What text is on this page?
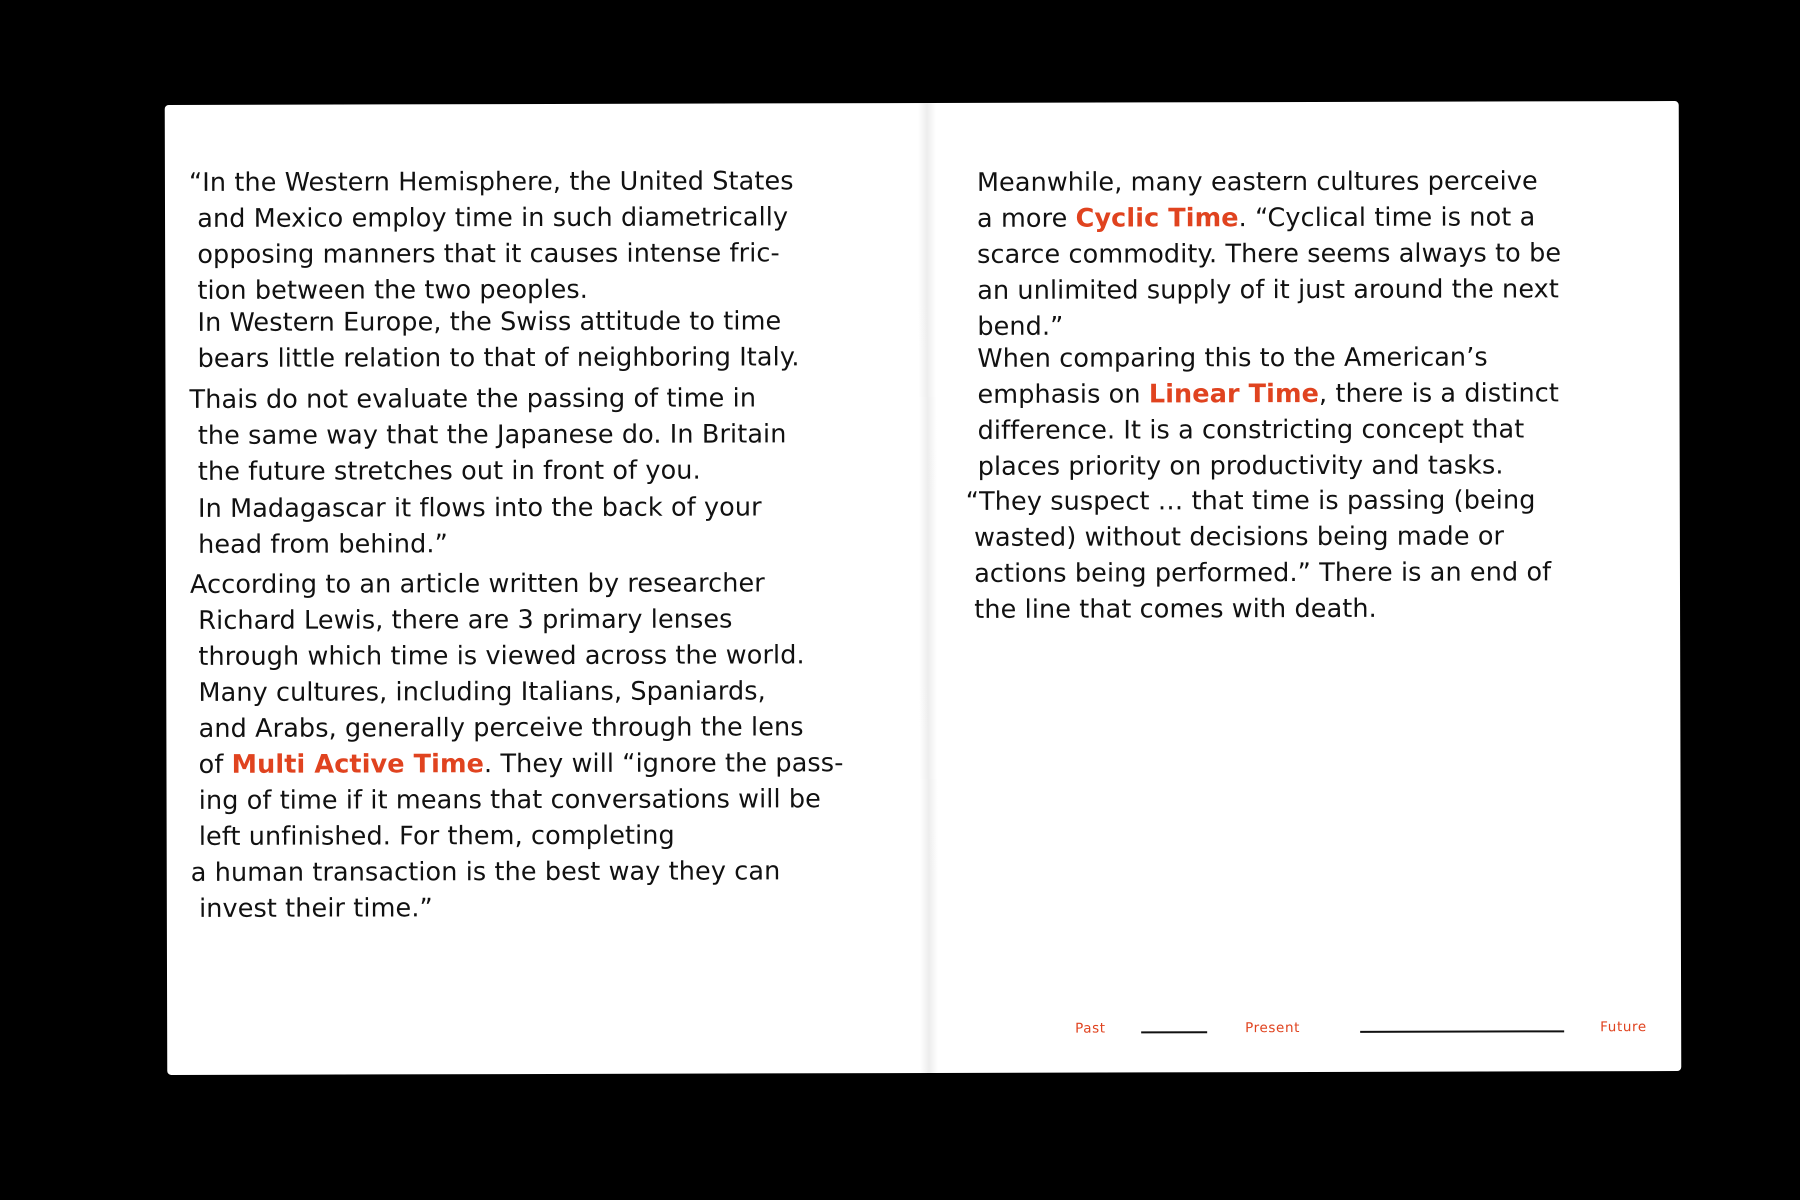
“In the Western Hemisphere, the United States
and Mexico employ time in such diametrically
opposing manners that it causes intense fric-
tion between the two peoples.

In Western Europe, the Swiss attitude to time
bears little relation to that of neighboring Italy.

Thais do not evaluate the passing of time in
the same way that the Japanese do. In Britain
the future stretches out in front of you.

In Madagascar it flows into the back of your
head from behind.”

According to an article written by researcher
Richard Lewis, there are 3 primary lenses
through which time is viewed across the world.

Many cultures, including Italians, Spaniards,
and Arabs, generally perceive through the lens
of Multi Active Time. They will “ignore the pass-
ing of time if it means that conversations will be
left unfinished. For them, completing
a human transaction is the best way they can
invest their time.”

Meanwhile, many eastern cultures perceive
a more Cyclic Time. “Cyclical time is not a
scarce commodity. There seems always to be
an unlimited supply of it just around the next
bend.”

When comparing this to the American’s
emphasis on Linear Time, there is a distinct
difference. It is a constricting concept that
places priority on productivity and tasks.

“They suspect … that time is passing (being
wasted) without decisions being made or
actions being performed.” There is an end of
the line that comes with death.

Past	Present	Future
